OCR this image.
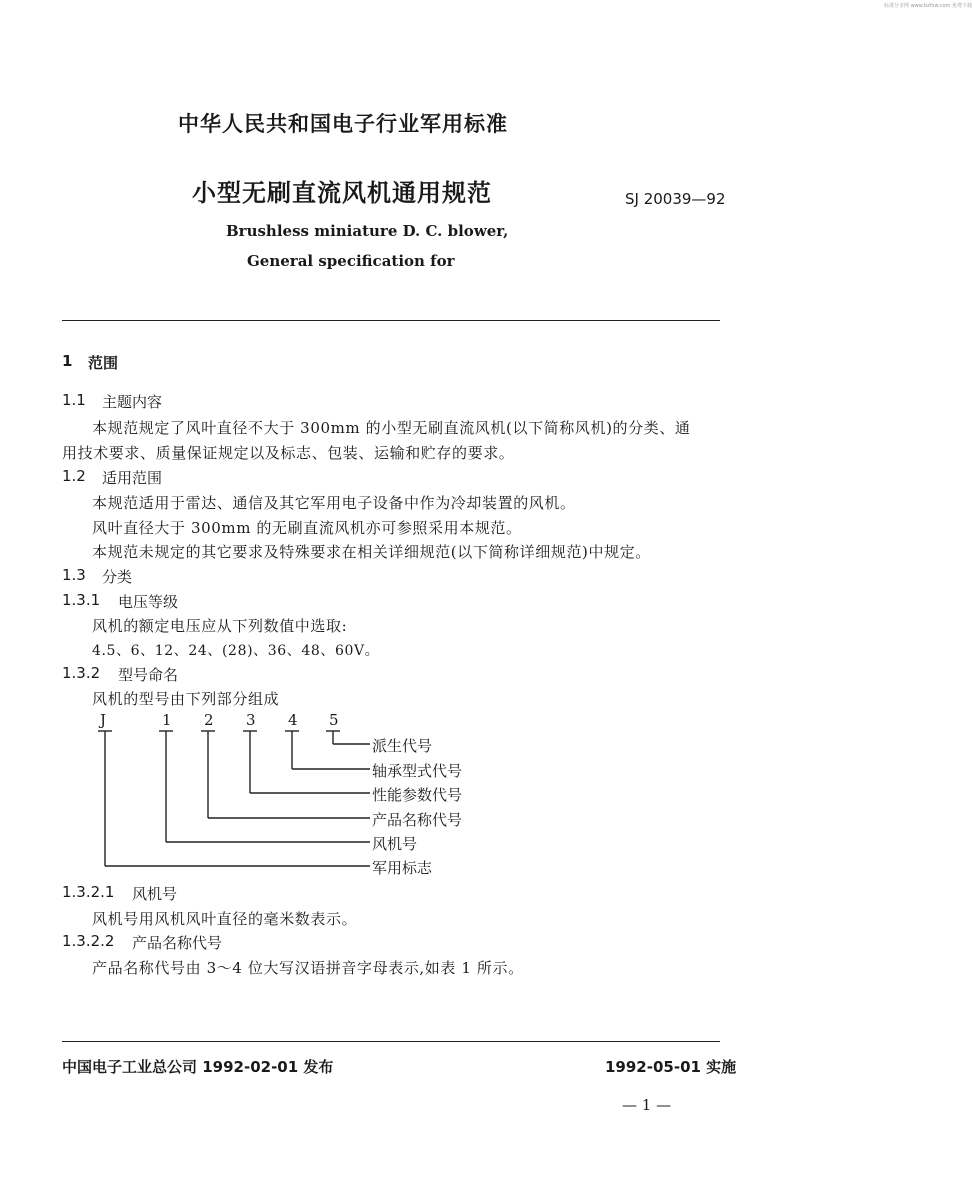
标准分享网 www.bzfxw.com 免费下载
中华人民共和国电子行业军用标准
小型无刷直流风机通用规范	SJ 20039—92
Brushless miniature D. C. blower,
General specification for
1 范围
1.1 主题内容
本规范规定了风叶直径不大于 300mm 的小型无刷直流风机(以下简称风机)的分类、通
用技术要求、质量保证规定以及标志、包装、运输和贮存的要求。
1.2 适用范围
本规范适用于雷达、通信及其它军用电子设备中作为冷却装置的风机。
风叶直径大于 300mm 的无刷直流风机亦可参照采用本规范。
本规范未规定的其它要求及特殊要求在相关详细规范(以下简称详细规范)中规定。
1.3 分类
1.3.1 电压等级
风机的额定电压应从下列数值中选取:
4.5、6、12、24、(28)、36、48、60V。
1.3.2 型号命名
风机的型号由下列部分组成
J	1 2 3 4 5
派生代号
轴承型式代号
性能参数代号
产品名称代号
风机号
军用标志
1.3.2.1 风机号
风机号用风机风叶直径的毫米数表示。
1.3.2.2 产品名称代号
产品名称代号由 3～4 位大写汉语拼音字母表示,如表 1 所示。
中国电子工业总公司 1992-02-01 发布	1992-05-01 实施
— 1 —
